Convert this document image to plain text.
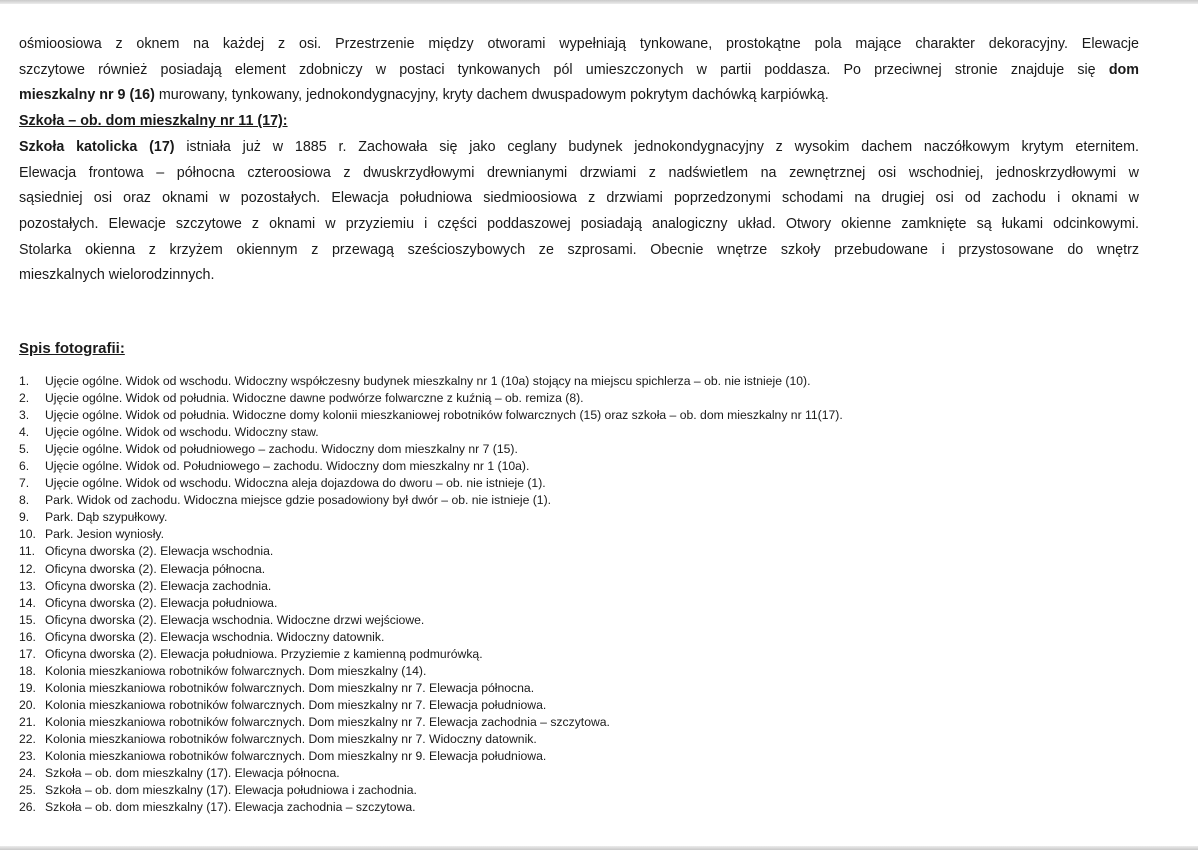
ośmioosiowa z oknem na każdej z osi. Przestrzenie między otworami wypełniają tynkowane, prostokątne pola mające charakter dekoracyjny. Elewacje

szczytowe również posiadają element zdobniczy w postaci tynkowanych pól umieszczonych w partii poddasza. Po przeciwnej stronie znajduje się dom

mieszkalny nr 9 (16) murowany, tynkowany, jednokondygnacyjny, kryty dachem dwuspadowym pokrytym dachówką karpiówką.

Szkoła – ob. dom mieszkalny nr 11 (17):

Szkoła katolicka (17) istniała już w 1885 r. Zachowała się jako ceglany budynek jednokondygnacyjny z wysokim dachem naczółkowym krytym eternitem.

Elewacja frontowa – północna czteroosiowa z dwuskrzydłowymi drewnianymi drzwiami z nadświetlem na zewnętrznej osi wschodniej, jednoskrzydłowymi w

sąsiedniej osi oraz oknami w pozostałych. Elewacja południowa siedmioosiowa z drzwiami poprzedzonymi schodami na drugiej osi od zachodu i oknami w

pozostałych. Elewacje szczytowe z oknami w przyziemiu i części poddaszowej posiadają analogiczny układ. Otwory okienne zamknięte są łukami odcinkowymi.

Stolarka okienna z krzyżem okiennym z przewagą sześcioszybowych ze szprosami. Obecnie wnętrze szkoły przebudowane i przystosowane do wnętrz

mieszkalnych wielorodzinnych.

Spis fotografii:
1. Ujęcie ogólne. Widok od wschodu. Widoczny współczesny budynek mieszkalny nr 1 (10a) stojący na miejscu spichlerza – ob. nie istnieje (10).
2. Ujęcie ogólne. Widok od południa. Widoczne dawne podwórze folwarczne z kuźnią – ob. remiza (8).
3. Ujęcie ogólne. Widok od południa. Widoczne domy kolonii mieszkaniowej robotników folwarcznych (15) oraz szkoła – ob. dom mieszkalny nr 11(17).
4. Ujęcie ogólne. Widok od wschodu. Widoczny staw.
5. Ujęcie ogólne. Widok od południowego – zachodu. Widoczny dom mieszkalny nr 7 (15).
6. Ujęcie ogólne. Widok od. Południowego – zachodu. Widoczny dom mieszkalny nr 1 (10a).
7. Ujęcie ogólne. Widok od wschodu. Widoczna aleja dojazdowa do dworu – ob. nie istnieje (1).
8. Park. Widok od zachodu. Widoczna miejsce gdzie posadowiony był dwór – ob. nie istnieje (1).
9. Park. Dąb szypułkowy.
10. Park. Jesion wyniosły.
11. Oficyna dworska (2). Elewacja wschodnia.
12. Oficyna dworska (2). Elewacja północna.
13. Oficyna dworska (2). Elewacja zachodnia.
14. Oficyna dworska (2). Elewacja południowa.
15. Oficyna dworska (2). Elewacja wschodnia. Widoczne drzwi wejściowe.
16. Oficyna dworska (2). Elewacja wschodnia. Widoczny datownik.
17. Oficyna dworska (2). Elewacja południowa. Przyziemie z kamienną podmurówką.
18. Kolonia mieszkaniowa robotników folwarcznych. Dom mieszkalny (14).
19. Kolonia mieszkaniowa robotników folwarcznych. Dom mieszkalny nr 7. Elewacja północna.
20. Kolonia mieszkaniowa robotników folwarcznych. Dom mieszkalny nr 7. Elewacja południowa.
21. Kolonia mieszkaniowa robotników folwarcznych. Dom mieszkalny nr 7. Elewacja zachodnia – szczytowa.
22. Kolonia mieszkaniowa robotników folwarcznych. Dom mieszkalny nr 7. Widoczny datownik.
23. Kolonia mieszkaniowa robotników folwarcznych. Dom mieszkalny nr 9. Elewacja południowa.
24. Szkoła – ob. dom mieszkalny (17). Elewacja północna.
25. Szkoła – ob. dom mieszkalny (17). Elewacja południowa i zachodnia.
26. Szkoła – ob. dom mieszkalny (17). Elewacja zachodnia – szczytowa.
